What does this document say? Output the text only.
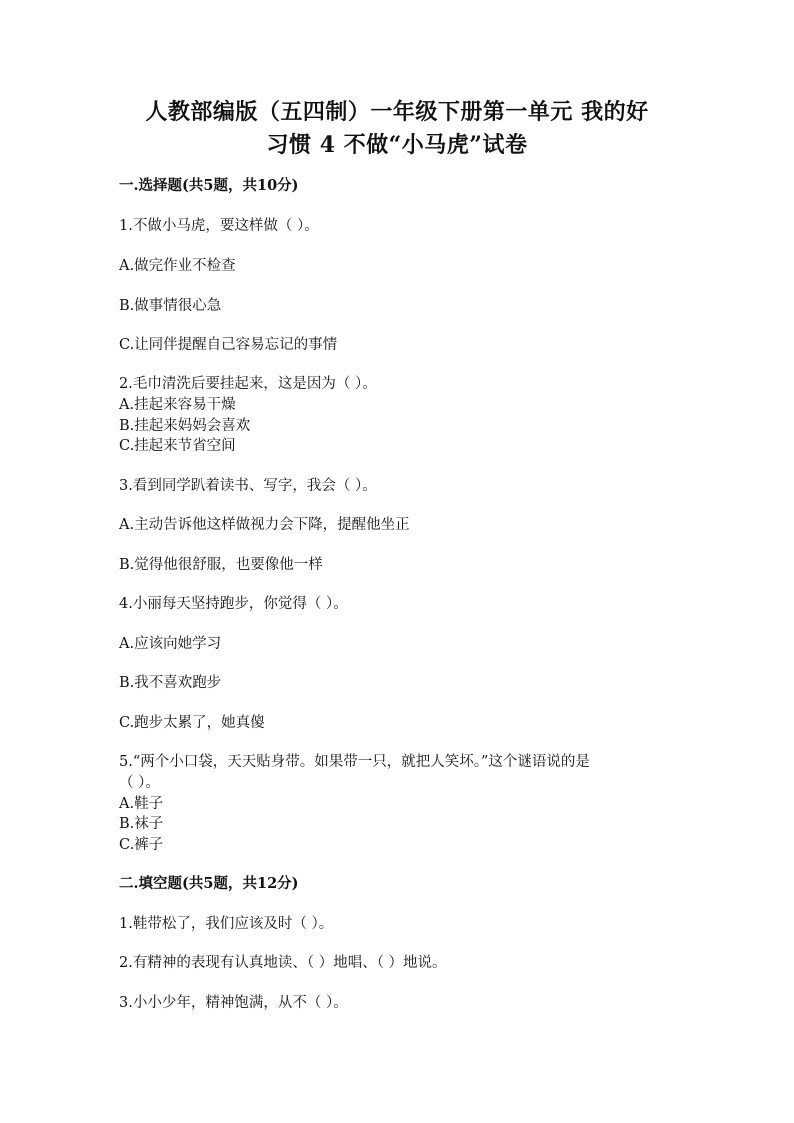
人教部编版（五四制）一年级下册第一单元 我的好
习惯 4 不做“小马虎”试卷
一.选择题(共5题，共10分)
1.不做小马虎，要这样做（ ）。
A.做完作业不检查
B.做事情很心急
C.让同伴提醒自己容易忘记的事情
2.毛巾清洗后要挂起来，这是因为（ ）。
A.挂起来容易干燥
B.挂起来妈妈会喜欢
C.挂起来节省空间
3.看到同学趴着读书、写字，我会（ ）。
A.主动告诉他这样做视力会下降，提醒他坐正
B.觉得他很舒服，也要像他一样
4.小丽每天坚持跑步，你觉得（ ）。
A.应该向她学习
B.我不喜欢跑步
C.跑步太累了，她真傻
5.“两个小口袋，天天贴身带。如果带一只，就把人笑坏。”这个谜语说的是
（ ）。
A.鞋子
B.袜子
C.裤子
二.填空题(共5题，共12分)
1.鞋带松了，我们应该及时（ ）。
2.有精神的表现有认真地读、（ ）地唱、（ ）地说。
3.小小少年，精神饱满，从不（ ）。
